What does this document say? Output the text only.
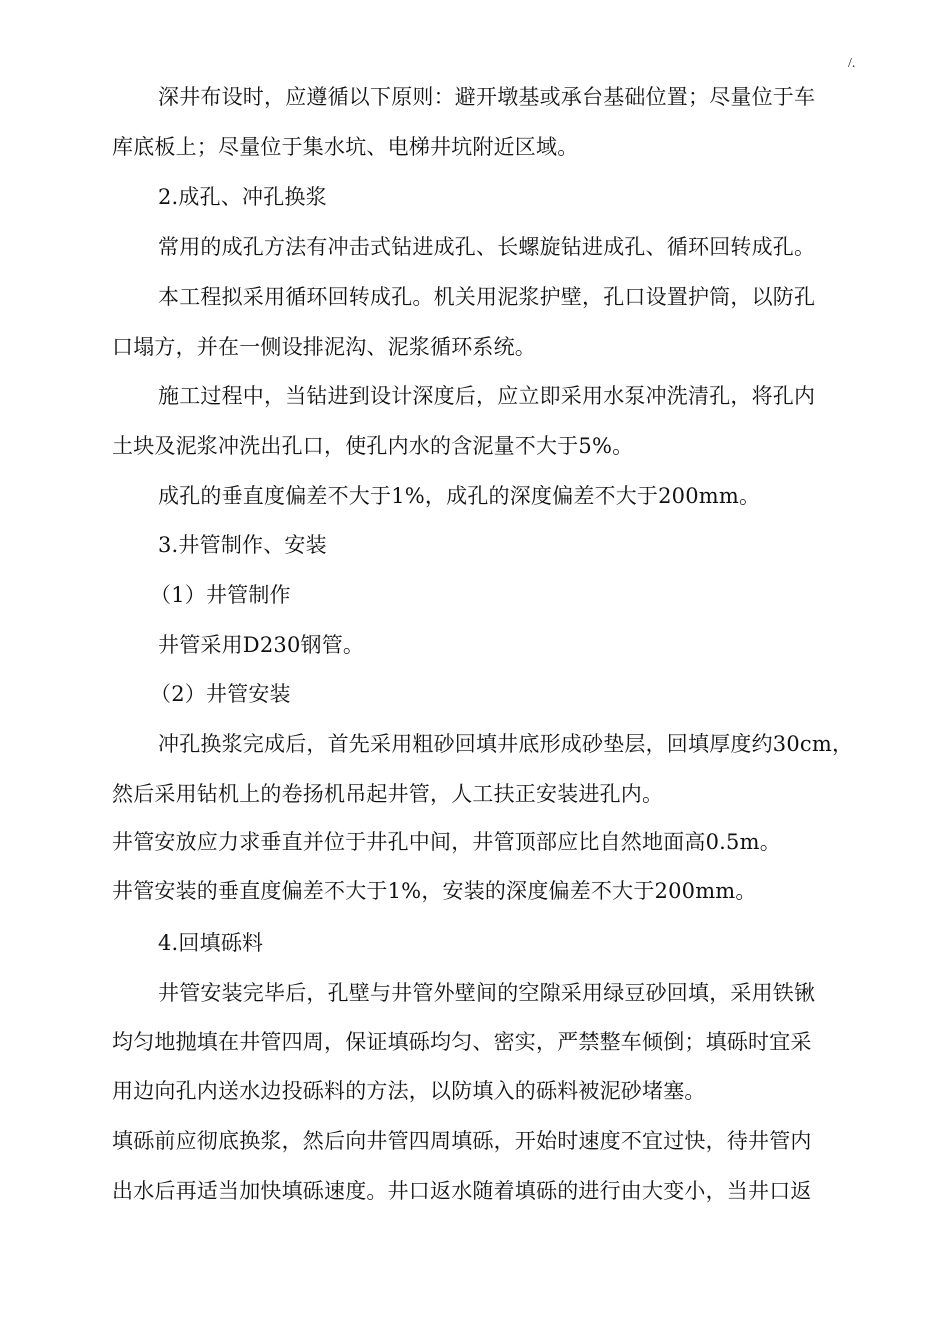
/.
深井布设时，应遵循以下原则：避开墩基或承台基础位置；尽量位于车
库底板上；尽量位于集水坑、电梯井坑附近区域。
2.成孔、冲孔换浆
常用的成孔方法有冲击式钻进成孔、长螺旋钻进成孔、循环回转成孔。
本工程拟采用循环回转成孔。机关用泥浆护壁，孔口设置护筒，以防孔
口塌方，并在一侧设排泥沟、泥浆循环系统。
施工过程中，当钻进到设计深度后，应立即采用水泵冲洗清孔，将孔内
土块及泥浆冲洗出孔口，使孔内水的含泥量不大于5%。
成孔的垂直度偏差不大于1%，成孔的深度偏差不大于200mm。
3.井管制作、安装
（1）井管制作
井管采用D230钢管。
（2）井管安装
冲孔换浆完成后，首先采用粗砂回填井底形成砂垫层，回填厚度约30cm，
然后采用钻机上的卷扬机吊起井管，人工扶正安装进孔内。
井管安放应力求垂直并位于井孔中间，井管顶部应比自然地面高0.5m。
井管安装的垂直度偏差不大于1%，安装的深度偏差不大于200mm。
4.回填砾料
井管安装完毕后，孔壁与井管外壁间的空隙采用绿豆砂回填，采用铁锹
均匀地抛填在井管四周，保证填砾均匀、密实，严禁整车倾倒；填砾时宜采
用边向孔内送水边投砾料的方法，以防填入的砾料被泥砂堵塞。
填砾前应彻底换浆，然后向井管四周填砾，开始时速度不宜过快，待井管内
出水后再适当加快填砾速度。井口返水随着填砾的进行由大变小，当井口返
